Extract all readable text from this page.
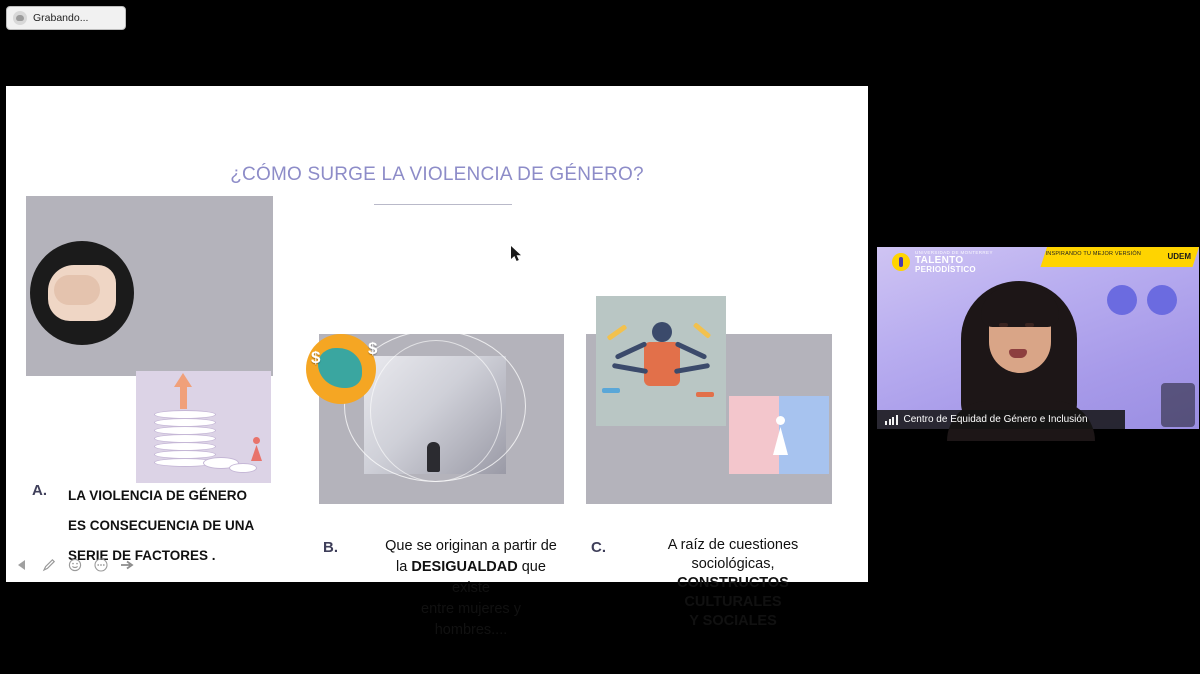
Grabando...
¿CÓMO SURGE LA VIOLENCIA DE GÉNERO?
$	$
A. LA VIOLENCIA DE GÉNERO
ES CONSECUENCIA DE UNA
SERIE DE FACTORES .	B.	Que se originan a partir de
la DESIGUALDAD que
existe
entre mujeres y
hombres....
C.	A raíz de cuestiones
sociológicas,
CONSTRUCTOS
CULTURALES
Y SOCIALES
INSPIRANDO TU MEJOR VERSIÓN	UDEM
UNIVERSIDAD DE MONTERREY
TALENTO
PERIODÍSTICO
Centro de Equidad de Género e Inclusión
